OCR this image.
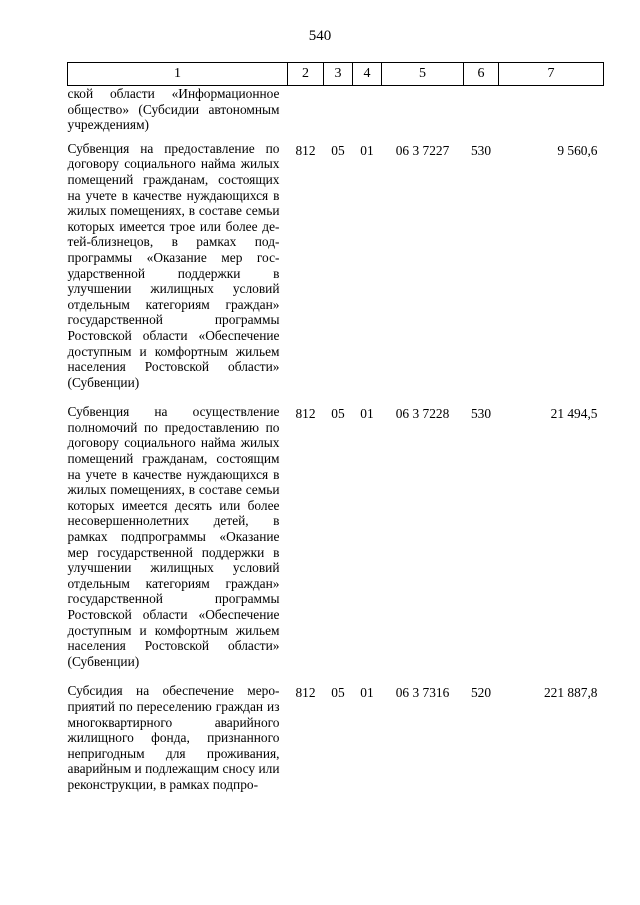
540
1	2	3	4	5	6	7
ской области «Информационное общество» (Субсидии автономным учреждениям)						

Субвенция на предоставление по договору социального найма жилых помещений гражданам, состоящих на учете в качестве нуждающихся в жилых помещениях, в составе семьи которых имеется трое или более детей-близнецов, в рамках подпрограммы «Оказание мер государственной поддержки в улучшении жилищных условий отдельным категориям граждан» государственной программы Ростовской области «Обеспечение доступным и комфортным жильем населения Ростовской области» (Субвенции)	812	05	01	06 3 7227	530	9 560,6

Субвенция на осуществление полномочий по предоставлению по договору социального найма жилых помещений гражданам, состоящим на учете в качестве нуждающихся в жилых помещениях, в составе семьи которых имеется десять или более несовершеннолетних детей, в рамках подпрограммы «Оказание мер государственной поддержки в улучшении жилищных условий отдельным категориям граждан» государственной программы Ростовской области «Обеспечение доступным и комфортным жильем населения Ростовской области» (Субвенции)	812	05	01	06 3 7228	530	21 494,5

Субсидия на обеспечение мероприятий по переселению граждан из многоквартирного аварийного жилищного фонда, признанного непригодным для проживания, аварийным и подлежащим сносу или реконструкции, в рамках подпро-	812	05	01	06 3 7316	520	221 887,8
